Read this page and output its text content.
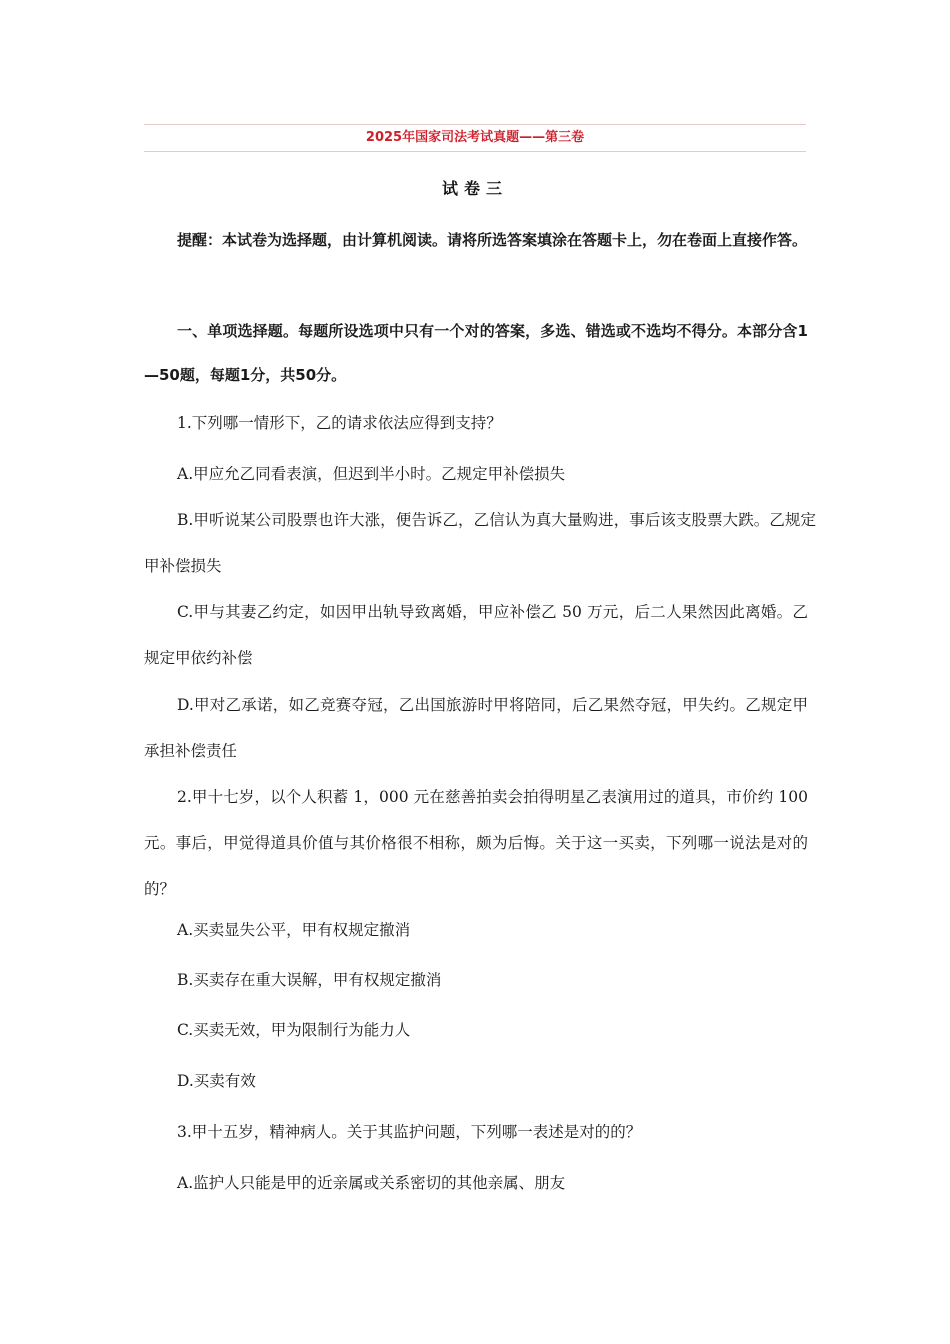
2025年国家司法考试真题——第三卷
试卷三
提醒：本试卷为选择题，由计算机阅读。请将所选答案填涂在答题卡上，勿在卷面上直接作答。
一、单项选择题。每题所设选项中只有一个对的答案，多选、错选或不选均不得分。本部分含1—50题，每题1分，共50分。
1.下列哪一情形下，乙的请求依法应得到支持？
A.甲应允乙同看表演，但迟到半小时。乙规定甲补偿损失
B.甲听说某公司股票也许大涨，便告诉乙，乙信认为真大量购进，事后该支股票大跌。乙规定甲补偿损失
C.甲与其妻乙约定，如因甲出轨导致离婚，甲应补偿乙 50 万元，后二人果然因此离婚。乙规定甲依约补偿
D.甲对乙承诺，如乙竞赛夺冠，乙出国旅游时甲将陪同，后乙果然夺冠，甲失约。乙规定甲承担补偿责任
2.甲十七岁，以个人积蓄 1，000 元在慈善拍卖会拍得明星乙表演用过的道具，市价约 100 元。事后，甲觉得道具价值与其价格很不相称，颇为后悔。关于这一买卖，下列哪一说法是对的的？
A.买卖显失公平，甲有权规定撤消
B.买卖存在重大误解，甲有权规定撤消
C.买卖无效，甲为限制行为能力人
D.买卖有效
3.甲十五岁，精神病人。关于其监护问题，下列哪一表述是对的的？
A.监护人只能是甲的近亲属或关系密切的其他亲属、朋友
